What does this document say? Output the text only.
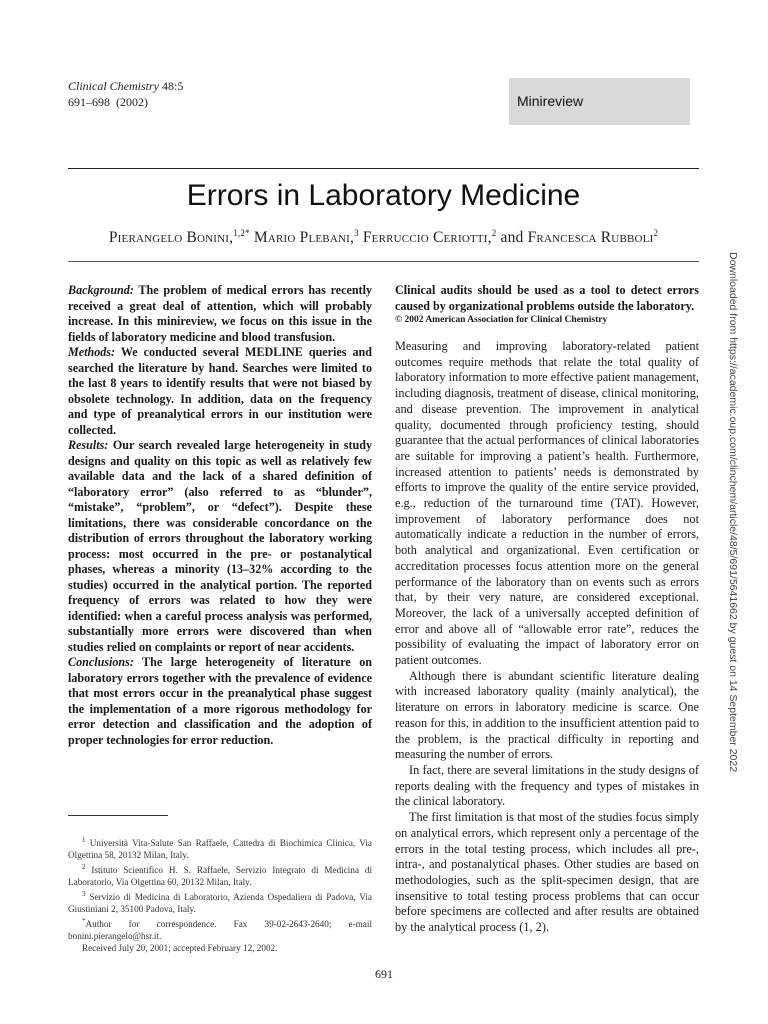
Clinical Chemistry 48:5
691–698 (2002)	Minireview
Errors in Laboratory Medicine
Pierangelo Bonini,$^{1,2*}$ Mario Plebani,$^3$ Ferruccio Ceriotti,$^2$ and Francesca Rubboli$^2$

Background: The problem of medical errors has recently received a great deal of attention, which will probably increase. In this minireview, we focus on this issue in the fields of laboratory medicine and blood transfusion.

Methods: We conducted several MEDLINE queries and searched the literature by hand. Searches were limited to the last 8 years to identify results that were not biased by obsolete technology. In addition, data on the frequency and type of preanalytical errors in our institution were collected.

Results: Our search revealed large heterogeneity in study designs and quality on this topic as well as relatively few available data and the lack of a shared definition of “laboratory error” (also referred to as “blunder”, “mistake”, “problem”, or “defect”). Despite these limitations, there was considerable concordance on the distribution of errors throughout the laboratory working process: most occurred in the pre- or postanalytical phases, whereas a minority (13–32% according to the studies) occurred in the analytical portion. The reported frequency of errors was related to how they were identified: when a careful process analysis was performed, substantially more errors were discovered than when studies relied on complaints or report of near accidents.

Conclusions: The large heterogeneity of literature on laboratory errors together with the prevalence of evidence that most errors occur in the preanalytical phase suggest the implementation of a more rigorous methodology for error detection and classification and the adoption of proper technologies for error reduction.

$^1$ Università Vita-Salute San Raffaele, Cattedra di Biochimica Clinica, Via Olgettina 58, 20132 Milan, Italy.

$^2$ Istituto Scientifico H. S. Raffaele, Servizio Integrato di Medicina di Laboratorio, Via Olgettina 60, 20132 Milan, Italy.

$^3$ Servizio di Medicina di Laboratorio, Azienda Ospedaliera di Padova, Via Giustiniani 2, 35100 Padova, Italy.

*Author for correspondence. Fax 39-02-2643-2640; e-mail bonini.pierangelo@hsr.it.

Received July 20, 2001; accepted February 12, 2002.

Clinical audits should be used as a tool to detect errors caused by organizational problems outside the laboratory.

© 2002 American Association for Clinical Chemistry

Measuring and improving laboratory-related patient outcomes require methods that relate the total quality of laboratory information to more effective patient management, including diagnosis, treatment of disease, clinical monitoring, and disease prevention. The improvement in analytical quality, documented through proficiency testing, should guarantee that the actual performances of clinical laboratories are suitable for improving a patient’s health. Furthermore, increased attention to patients’ needs is demonstrated by efforts to improve the quality of the entire service provided, e.g., reduction of the turnaround time (TAT). However, improvement of laboratory performance does not automatically indicate a reduction in the number of errors, both analytical and organizational. Even certification or accreditation processes focus attention more on the general performance of the laboratory than on events such as errors that, by their very nature, are considered exceptional. Moreover, the lack of a universally accepted definition of error and above all of “allowable error rate”, reduces the possibility of evaluating the impact of laboratory error on patient outcomes.

Although there is abundant scientific literature dealing with increased laboratory quality (mainly analytical), the literature on errors in laboratory medicine is scarce. One reason for this, in addition to the insufficient attention paid to the problem, is the practical difficulty in reporting and measuring the number of errors.

In fact, there are several limitations in the study designs of reports dealing with the frequency and types of mistakes in the clinical laboratory.

The first limitation is that most of the studies focus simply on analytical errors, which represent only a percentage of the errors in the total testing process, which includes all pre-, intra-, and postanalytical phases. Other studies are based on methodologies, such as the split-specimen design, that are insensitive to total testing process problems that can occur before specimens are collected and after results are obtained by the analytical process (1, 2).

691
Downloaded from https://academic.oup.com/clinchem/article/48/5/691/5641662 by guest on 14 September 2022
